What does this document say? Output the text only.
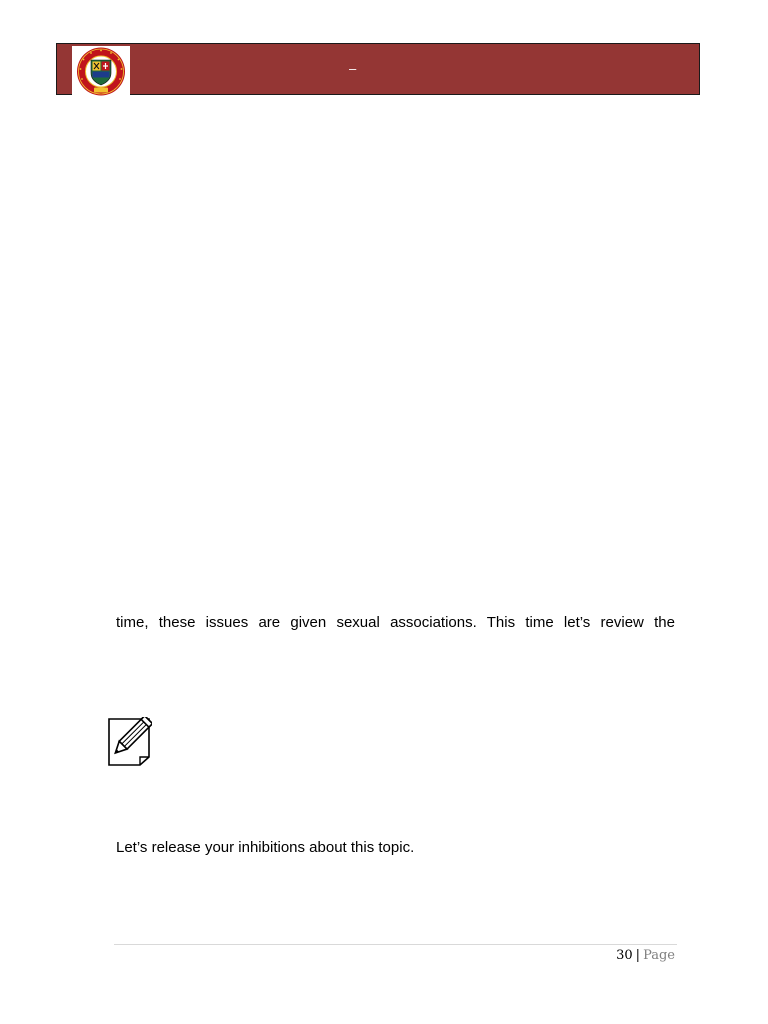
–
time, these issues are given sexual associations. This time let’s review the
Let’s release your inhibitions about this topic.
30 | Page
